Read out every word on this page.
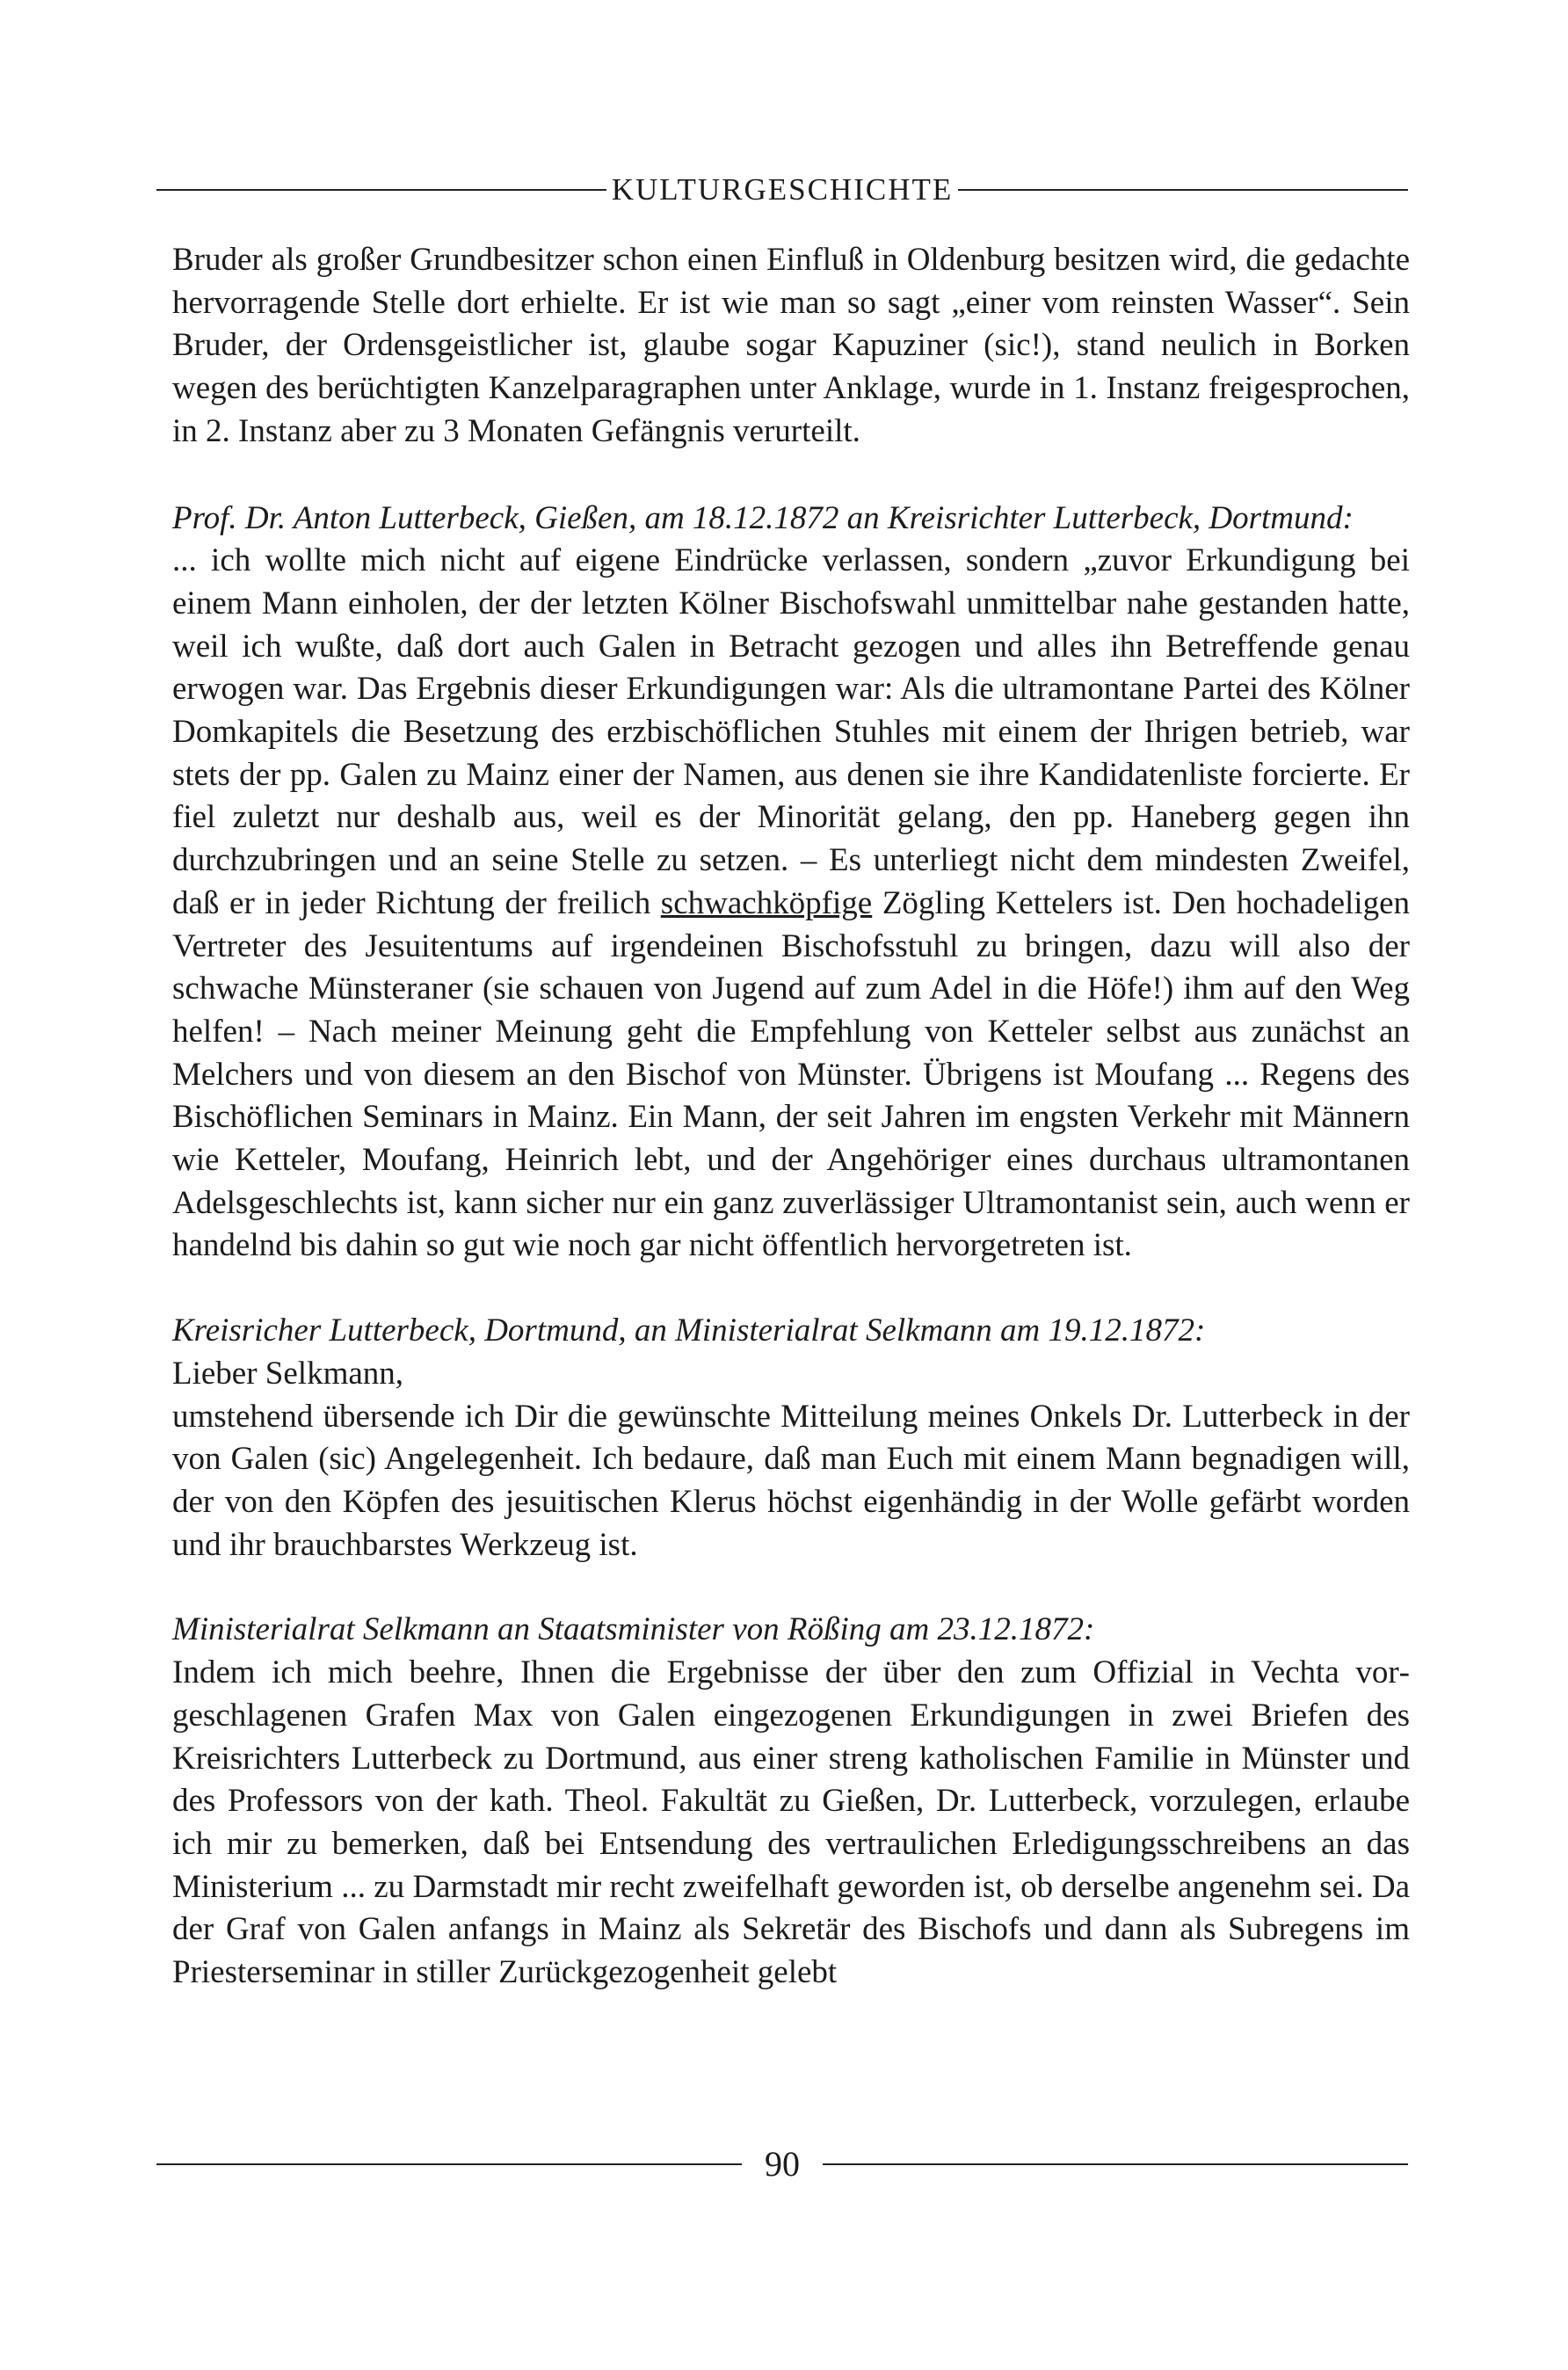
KULTURGESCHICHTE

Bruder als großer Grundbesitzer schon einen Einfluß in Oldenburg besitzen wird, die gedachte hervorragende Stelle dort erhielte. Er ist wie man so sagt „einer vom reinsten Wasser“. Sein Bruder, der Ordensgeistlicher ist, glaube sogar Kapuziner (sic!), stand neulich in Borken wegen des berüchtigten Kanzelparagraphen unter Anklage, wurde in 1. Instanz freigesprochen, in 2. Instanz aber zu 3 Monaten Gefängnis verurteilt.

Prof. Dr. Anton Lutterbeck, Gießen, am 18.12.1872 an Kreisrichter Lutterbeck, Dortmund:

... ich wollte mich nicht auf eigene Eindrücke verlassen, sondern „zuvor Erkundigung bei einem Mann einholen, der der letzten Kölner Bischofswahl unmittelbar nahe gestanden hatte, weil ich wußte, daß dort auch Galen in Betracht gezogen und alles ihn Betreffende genau erwogen war. Das Ergebnis dieser Erkundigungen war: Als die ultramontane Partei des Kölner Domkapitels die Besetzung des erzbischöflichen Stuhles mit einem der Ihrigen betrieb, war stets der pp. Galen zu Mainz einer der Namen, aus denen sie ihre Kandidatenliste forcierte. Er fiel zuletzt nur deshalb aus, weil es der Minorität gelang, den pp. Haneberg gegen ihn durchzubringen und an seine Stelle zu setzen. – Es unterliegt nicht dem mindesten Zweifel, daß er in jeder Richtung der freilich schwachköpfige Zögling Kettelers ist. Den hochadeligen Vertreter des Jesuitentums auf irgendeinen Bischofsstuhl zu bringen, dazu will also der schwache Münsteraner (sie schauen von Jugend auf zum Adel in die Höfe!) ihm auf den Weg helfen! – Nach meiner Meinung geht die Empfehlung von Ketteler selbst aus zunächst an Melchers und von diesem an den Bischof von Münster. Übrigens ist Moufang ... Regens des Bischöflichen Seminars in Mainz. Ein Mann, der seit Jahren im engsten Verkehr mit Männern wie Ketteler, Moufang, Heinrich lebt, und der Angehöriger eines durchaus ultramontanen Adelsgeschlechts ist, kann sicher nur ein ganz zuverlässiger Ultramontanist sein, auch wenn er handelnd bis dahin so gut wie noch gar nicht öffentlich hervorgetreten ist.

Kreisricher Lutterbeck, Dortmund, an Ministerialrat Selkmann am 19.12.1872:

Lieber Selkmann,

umstehend übersende ich Dir die gewünschte Mitteilung meines Onkels Dr. Lutterbeck in der von Galen (sic) Angelegenheit. Ich bedaure, daß man Euch mit einem Mann begnadigen will, der von den Köpfen des jesuitischen Klerus höchst eigenhändig in der Wolle gefärbt worden und ihr brauchbarstes Werkzeug ist.

Ministerialrat Selkmann an Staatsminister von Rößing am 23.12.1872:

Indem ich mich beehre, Ihnen die Ergebnisse der über den zum Offizial in Vechta vorgeschlagenen Grafen Max von Galen eingezogenen Erkundigungen in zwei Briefen des Kreisrichters Lutterbeck zu Dortmund, aus einer streng katholischen Familie in Münster und des Professors von der kath. Theol. Fakultät zu Gießen, Dr. Lutterbeck, vorzulegen, erlaube ich mir zu bemerken, daß bei Entsendung des vertraulichen Erledigungsschreibens an das Ministerium ... zu Darmstadt mir recht zweifelhaft geworden ist, ob derselbe angenehm sei. Da der Graf von Galen anfangs in Mainz als Sekretär des Bischofs und dann als Subregens im Priesterseminar in stiller Zurückgezogenheit gelebt

90
